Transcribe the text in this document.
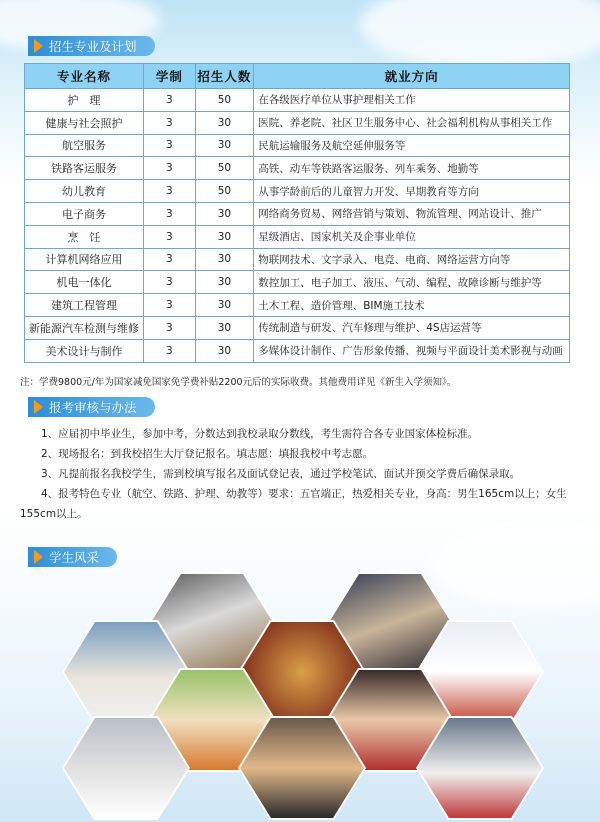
招生专业及计划
专业名称	学制	招生人数	就业方向
护　理	3	50	在各级医疗单位从事护理相关工作
健康与社会照护	3	30	医院、养老院、社区卫生服务中心、社会福利机构从事相关工作
航空服务	3	30	民航运输服务及航空延伸服务等
铁路客运服务	3	50	高铁、动车等铁路客运服务、列车乘务、地勤等
幼儿教育	3	50	从事学龄前后的儿童智力开发、早期教育等方向
电子商务	3	30	网络商务贸易、网络营销与策划、物流管理、网站设计、推广
烹　饪	3	30	星级酒店、国家机关及企事业单位
计算机网络应用	3	30	物联网技术、文字录入、电竞、电商、网络运营方向等
机电一体化	3	30	数控加工、电子加工、液压、气动、编程、故障诊断与维护等
建筑工程管理	3	30	土木工程、造价管理、BIM施工技术
新能源汽车检测与维修	3	30	传统制造与研发、汽车修理与维护、4S店运营等
美术设计与制作	3	30	多媒体设计制作、广告形象传播、视频与平面设计美术影视与动画
注：学费9800元/年为国家减免国家免学费补贴2200元后的实际收费。其他费用详见《新生入学须知》。
报考审核与办法

1、应届初中毕业生，参加中考，分数达到我校录取分数线，考生需符合各专业国家体检标准。

2、现场报名：到我校招生大厅登记报名。填志愿：填报我校中考志愿。

3、凡提前报名我校学生，需到校填写报名及面试登记表，通过学校笔试、面试并预交学费后确保录取。

4、报考特色专业（航空、铁路、护理、幼教等）要求：五官端正，热爱相关专业，身高：男生165cm以上；女生155cm以上。

学生风采
